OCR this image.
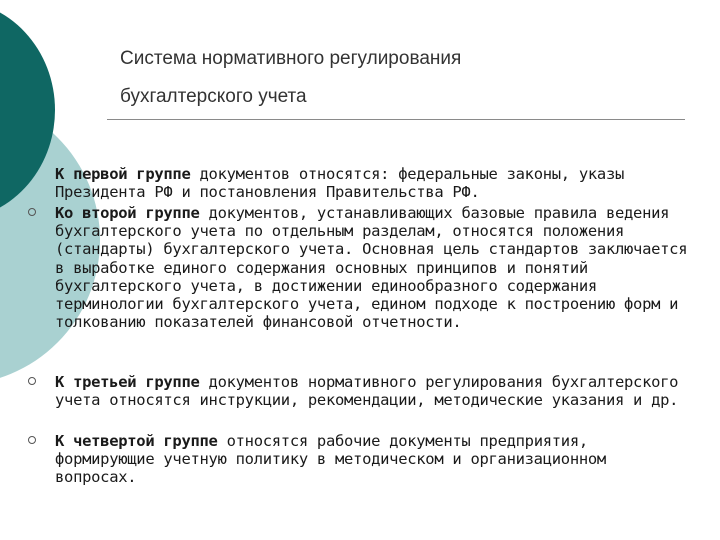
Система нормативного регулирования
бухгалтерского учета
К первой группе документов относятся: федеральные законы, указы Президента РФ и постановления Правительства РФ.
Ко второй группе документов, устанавливающих базовые правила ведения бухгалтерского учета по отдельным разделам, относятся положения (стандарты) бухгалтерского учета. Основная цель стандартов заключается в выработке единого содержания основных принципов и понятий бухгалтерского учета, в достижении единообразного содержания терминологии бухгалтерского учета, едином подходе к построению форм и толкованию показателей финансовой отчетности.
К третьей группе документов нормативного регулирования бухгалтерского учета относятся инструкции, рекомендации, методические указания и др.
К четвертой группе относятся рабочие документы предприятия, формирующие учетную политику в методическом и организационном вопросах.
